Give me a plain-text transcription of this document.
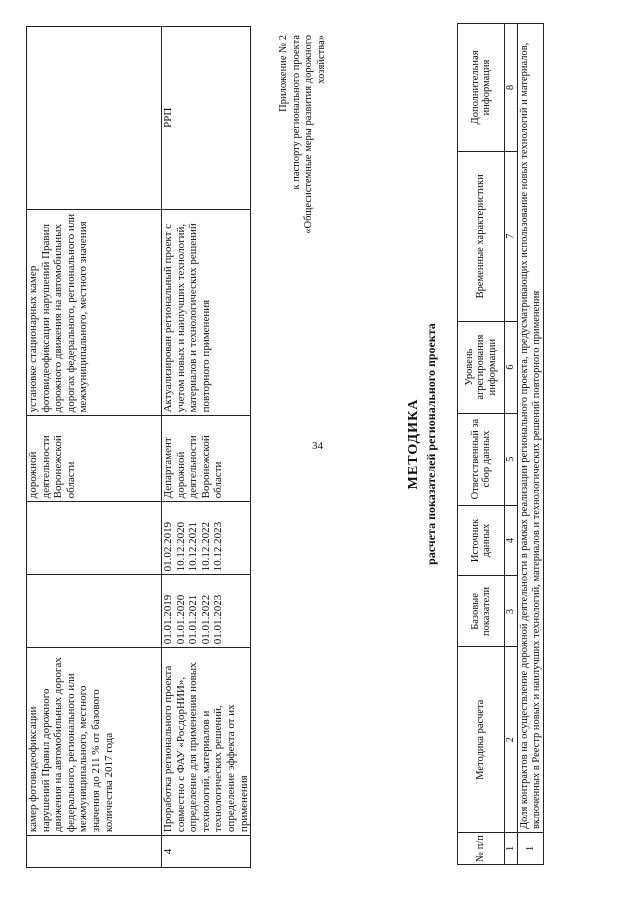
34
	камер фотовидеофиксации нарушений Правил дорожного движения на автомобильных дорогах федерального, регионального или межмуниципального, местного значения до 211 % от базового количества 2017 года			дорожной деятельности Воронежской области	установке стационарных камер фотовидеофиксации нарушений Правил дорожного движения на автомобильных дорогах федерального, регионального или межмуниципального, местного значения	
4	Проработка регионального проекта совместно с ФАУ «РосдорНИИ», определение для применения новых технологий, материалов и технологических решений, определение эффекта от их применения	01.01.2019 01.01.2020 01.01.2021 01.01.2022 01.01.2023	01.02.2019 10.12.2020 10.12.2021 10.12.2022 10.12.2023	Департамент дорожной деятельности Воронежской области	Актуализирован региональный проект с учетом новых и наилучших технологий, материалов и технологических решений повторного применения	РРП
Приложение № 2 к паспорту регионального проекта «Общесистемные меры развития дорожного хозяйства»
МЕТОДИКА расчета показателей регионального проекта
№ п/п	Методика расчета	Базовые показатели	Источник данных	Ответственный за сбор данных	Уровень агрегирования информации	Временные характеристики	Дополнительная информация
1	2	3	4	5	6	7	8
1	Доля контрактов на осуществление дорожной деятельности в рамках реализации регионального проекта, предусматривающих использование новых технологий и материалов, включенных в Реестр новых и наилучших технологий, материалов и технологических решений повторного применения						
